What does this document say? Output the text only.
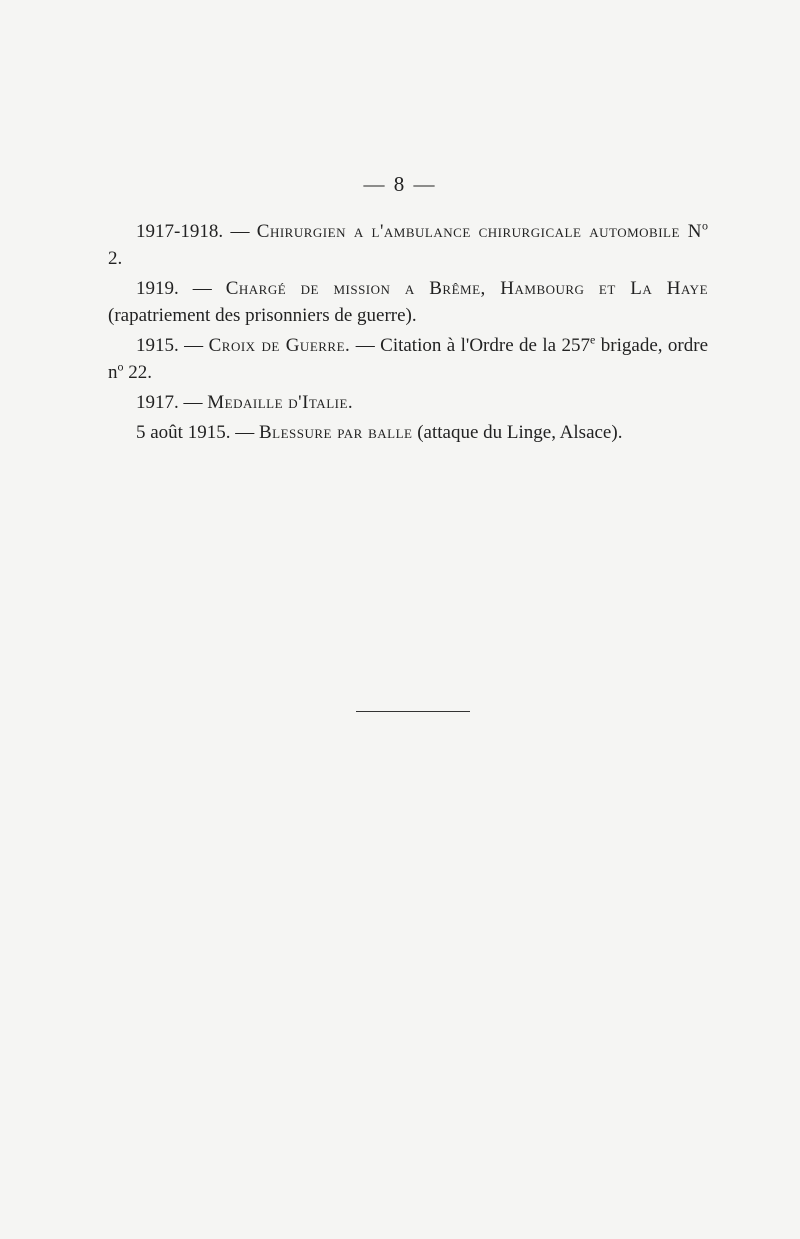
— 8 —

1917-1918. — Chirurgien a l'ambulance chirurgicale automobile $N^o$ 2.

1919. — Chargé de mission a Brême, Hambourg et La Haye (rapatriement des prisonniers de guerre).

1915. — Croix de Guerre. — Citation à l'Ordre de la 257e brigade, ordre $n^o$ 22.

1917. — Medaille d'Italie.

5 août 1915. — Blessure par balle (attaque du Linge, Alsace).
